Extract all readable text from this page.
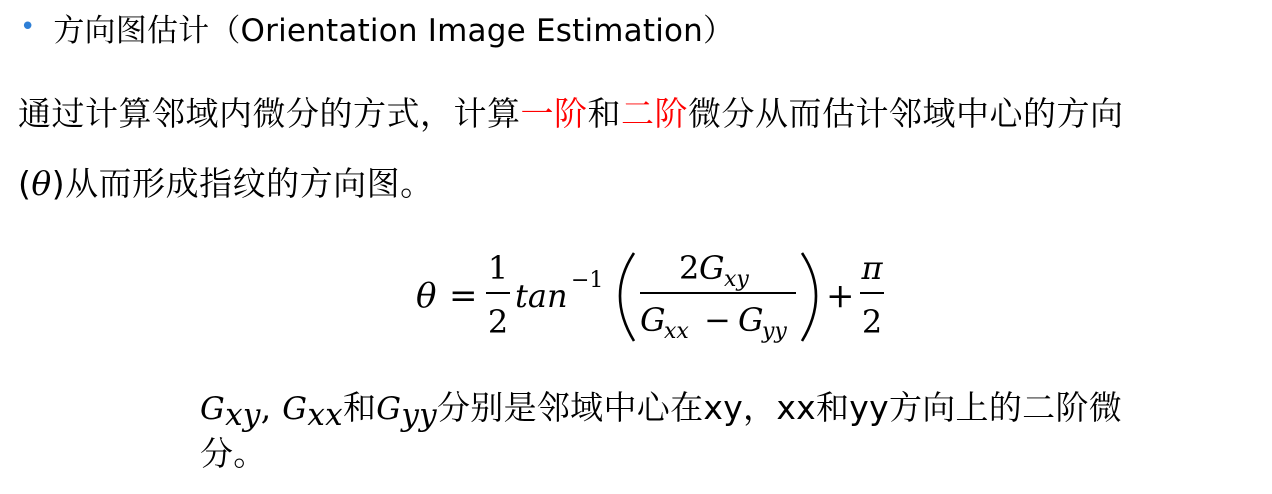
• 方向图估计（Orientation Image Estimation）
通过计算邻域内微分的方式，计算一阶和二阶微分从而估计邻域中心的方向
(θ)从而形成指纹的方向图。
θ =
1
2
tan −1 2 G xy
G
xx − G
yy
+
π
2
$G_{xy}$, $G_{xx}$和$G_{yy}$分别是邻域中心在xy，xx和yy方向上的二阶微
分。
